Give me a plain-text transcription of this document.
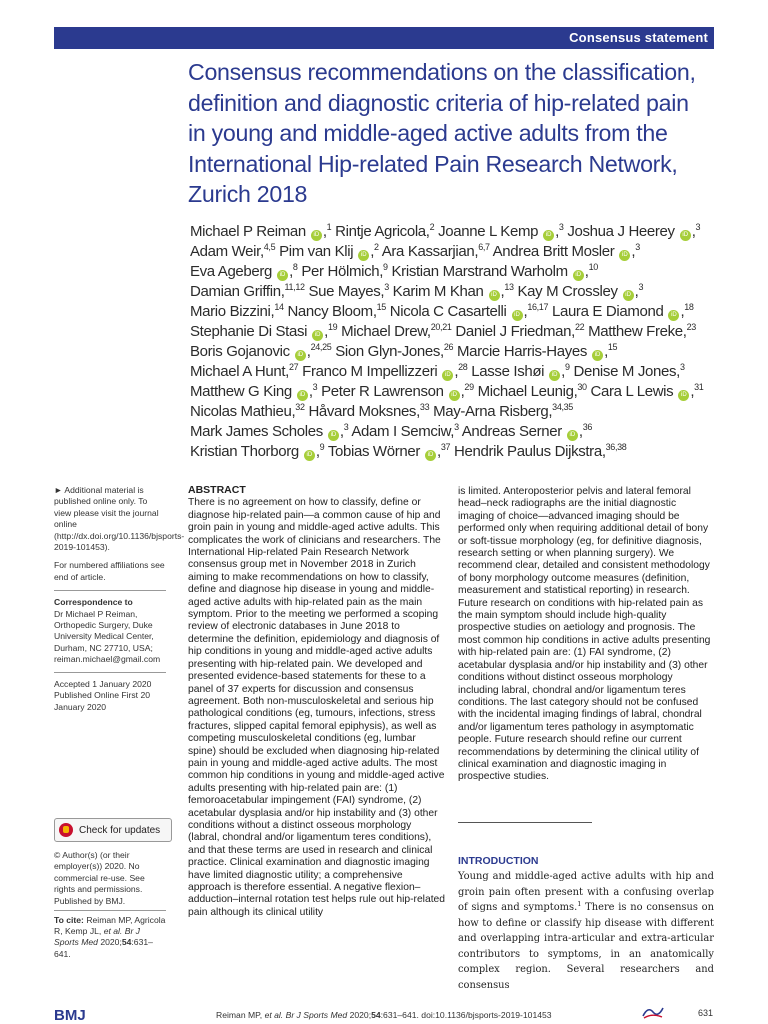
Consensus statement
Consensus recommendations on the classification, definition and diagnostic criteria of hip-related pain in young and middle-aged active adults from the International Hip-related Pain Research Network, Zurich 2018
Michael P Reiman iD ,$^1$ Rintje Agricola,$^2$ Joanne L Kemp iD ,$^3$ Joshua J Heerey iD ,$^3$
Adam Weir,$^{4,5}$ Pim van Klij iD ,$^2$ Ara Kassarjian,$^{6,7}$ Andrea Britt Mosler iD ,$^3$
Eva Ageberg iD ,$^8$ Per Hölmich,$^9$ Kristian Marstrand Warholm iD ,$^{10}$
Damian Griffin,$^{11,12}$ Sue Mayes,$^3$ Karim M Khan iD ,$^{13}$ Kay M Crossley iD ,$^3$
Mario Bizzini,$^{14}$ Nancy Bloom,$^{15}$ Nicola C Casartelli iD ,$^{16,17}$ Laura E Diamond iD ,$^{18}$
Stephanie Di Stasi iD ,$^{19}$ Michael Drew,$^{20,21}$ Daniel J Friedman,$^{22}$ Matthew Freke,$^{23}$
Boris Gojanovic iD ,$^{24,25}$ Sion Glyn-Jones,$^{26}$ Marcie Harris-Hayes iD ,$^{15}$
Michael A Hunt,$^{27}$ Franco M Impellizzeri iD ,$^{28}$ Lasse Ishøi iD ,$^9$ Denise M Jones,$^3$
Matthew G King iD ,$^3$ Peter R Lawrenson iD ,$^{29}$ Michael Leunig,$^{30}$ Cara L Lewis iD ,$^{31}$
Nicolas Mathieu,$^{32}$ Håvard Moksnes,$^{33}$ May-Arna Risberg,$^{34,35}$
Mark James Scholes iD ,$^3$ Adam I Semciw,$^3$ Andreas Serner iD ,$^{36}$
Kristian Thorborg iD ,$^9$ Tobias Wörner iD ,$^{37}$ Hendrik Paulus Dijkstra,$^{36,38}$

► Additional material is published online only. To view please visit the journal online (http://dx.doi.org/10.1136/bjsports-2019-101453).

For numbered affiliations see end of article.

Correspondence to
Dr Michael P Reiman, Orthopedic Surgery, Duke University Medical Center, Durham, NC 27710, USA; reiman.michael@gmail.com

Accepted 1 January 2020 Published Online First 20 January 2020

Check for updates
© Author(s) (or their employer(s)) 2020. No commercial re-use. See rights and permissions. Published by BMJ.
To cite: Reiman MP, Agricola R, Kemp JL, et al. Br J Sports Med 2020;54:631–641.
ABSTRACT
There is no agreement on how to classify, define or diagnose hip-related pain—a common cause of hip and groin pain in young and middle-aged active adults. This complicates the work of clinicians and researchers. The International Hip-related Pain Research Network consensus group met in November 2018 in Zurich aiming to make recommendations on how to classify, define and diagnose hip disease in young and middle-aged active adults with hip-related pain as the main symptom. Prior to the meeting we performed a scoping review of electronic databases in June 2018 to determine the definition, epidemiology and diagnosis of hip conditions in young and middle-aged active adults presenting with hip-related pain. We developed and presented evidence-based statements for these to a panel of 37 experts for discussion and consensus agreement. Both non-musculoskeletal and serious hip pathological conditions (eg, tumours, infections, stress fractures, slipped capital femoral epiphysis), as well as competing musculoskeletal conditions (eg, lumbar spine) should be excluded when diagnosing hip-related pain in young and middle-aged active adults. The most common hip conditions in young and middle-aged active adults presenting with hip-related pain are: (1) femoroacetabular impingement (FAI) syndrome, (2) acetabular dysplasia and/or hip instability and (3) other conditions without a distinct osseous morphology (labral, chondral and/or ligamentum teres conditions), and that these terms are used in research and clinical practice. Clinical examination and diagnostic imaging have limited diagnostic utility; a comprehensive approach is therefore essential. A negative flexion–adduction–internal rotation test helps rule out hip-related pain although its clinical utility
is limited. Anteroposterior pelvis and lateral femoral head–neck radiographs are the initial diagnostic imaging of choice—advanced imaging should be performed only when requiring additional detail of bony or soft-tissue morphology (eg, for definitive diagnosis, research setting or when planning surgery). We recommend clear, detailed and consistent methodology of bony morphology outcome measures (definition, measurement and statistical reporting) in research. Future research on conditions with hip-related pain as the main symptom should include high-quality prospective studies on aetiology and prognosis. The most common hip conditions in active adults presenting with hip-related pain are: (1) FAI syndrome, (2) acetabular dysplasia and/or hip instability and (3) other conditions without distinct osseous morphology including labral, chondral and/or ligamentum teres conditions. The last category should not be confused with the incidental imaging findings of labral, chondral and/or ligamentum teres pathology in asymptomatic people. Future research should refine our current recommendations by determining the clinical utility of clinical examination and diagnostic imaging in prospective studies.
INTRODUCTION
Young and middle-aged active adults with hip and groin pain often present with a confusing overlap of signs and symptoms.$^1$ There is no consensus on how to define or classify hip disease with different and overlapping intra-articular and extra-articular contributors to symptoms, in an anatomically complex region. Several researchers and consensus
BMJ	Reiman MP, et al. Br J Sports Med 2020;54:631–641. doi:10.1136/bjsports-2019-101453	631
